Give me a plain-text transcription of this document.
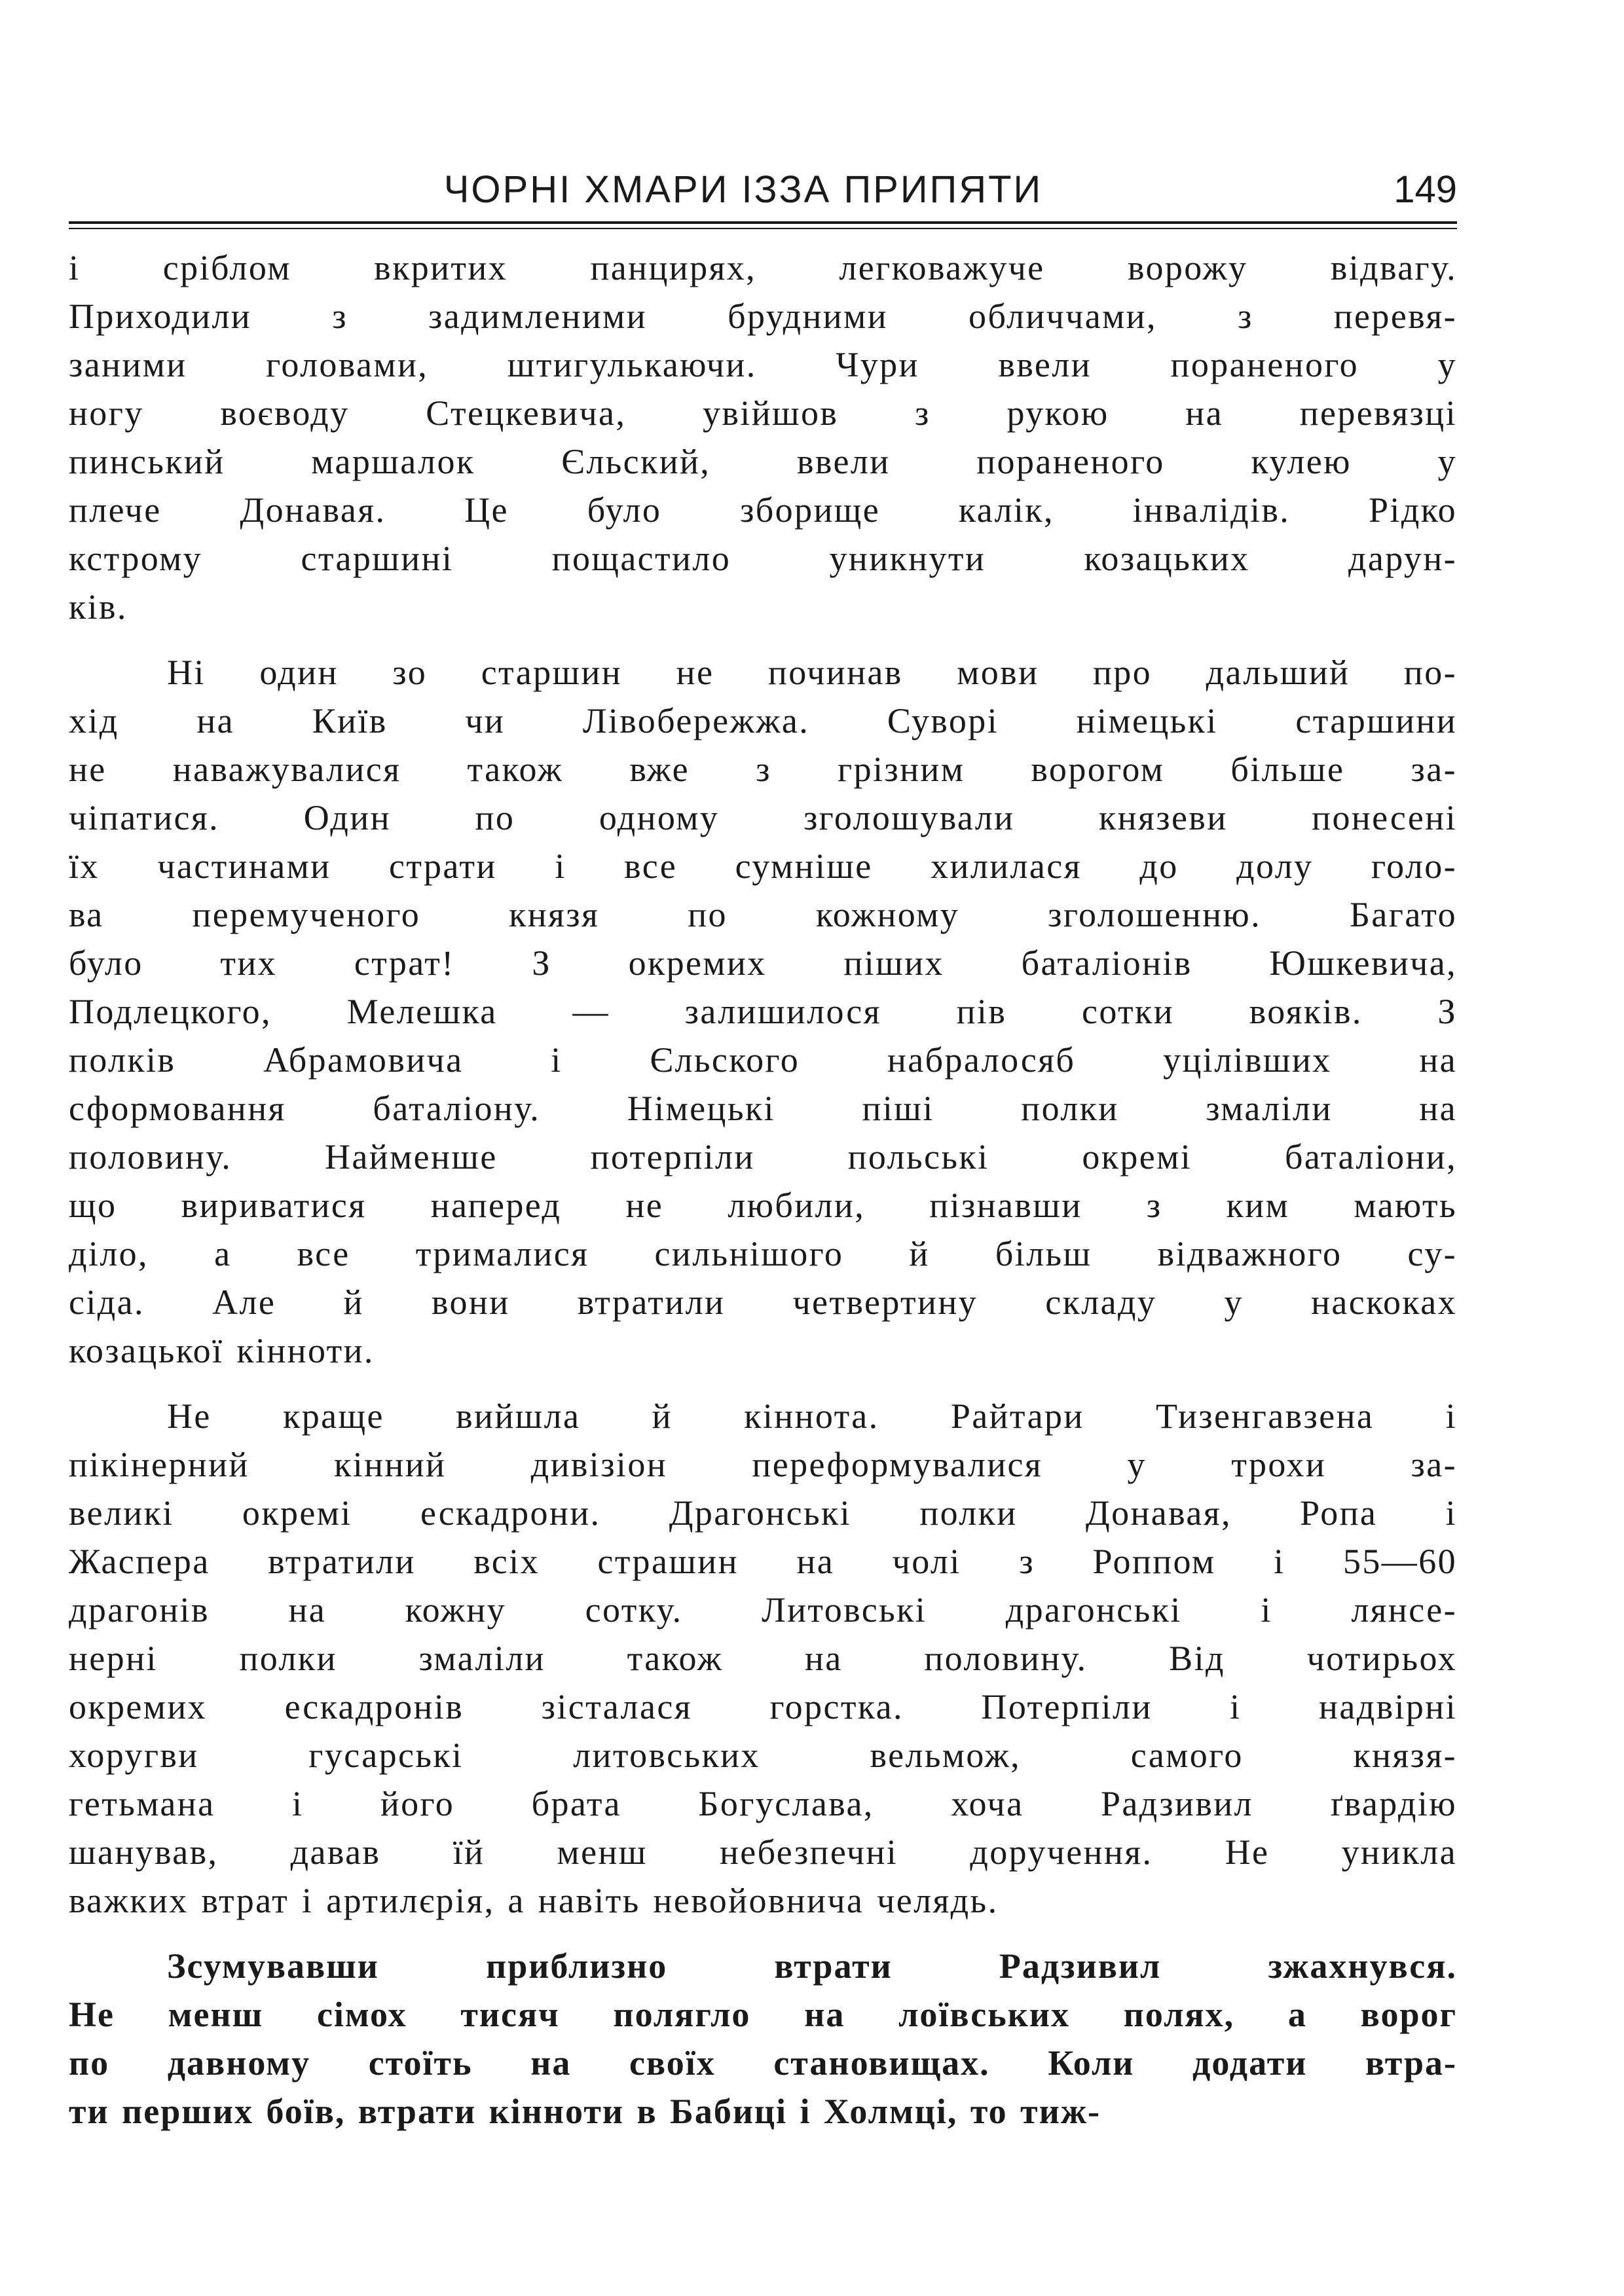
ЧОРНІ ХМАРИ ІЗЗА ПРИПЯТИ	149

і сріблом вкритих панцирях, легковажуче ворожу відвагу.
Приходили з задимленими брудними обличчами, з перевя-
заними головами, штигулькаючи. Чури ввели пораненого у
ногу воєводу Стецкевича, увійшов з рукою на перевязці
пинський маршалок Єльский, ввели пораненого кулею у
плече Донавая. Це було зборище калік, інвалідів. Рідко
кстрому старшині пощастило уникнути козацьких дарун-
ків.

Ні один зо старшин не починав мови про дальший по-
хід на Київ чи Лівобережжа. Суворі німецькі старшини
не наважувалися також вже з грізним ворогом більше за-
чіпатися. Один по одному зголошували князеви понесені
їх частинами страти і все сумніше хилилася до долу голо-
ва перемученого князя по кожному зголошенню. Багато
було тих страт! З окремих піших баталіонів Юшкевича,
Подлецкого, Мелешка — залишилося пів сотки вояків. З
полків Абрамовича і Єльского набралосяб уцілівших на
сформовання баталіону. Німецькі піші полки змаліли на
половину. Найменше потерпіли польські окремі баталіони,
що вириватися наперед не любили, пізнавши з ким мають
діло, а все трималися сильнішого й більш відважного су-
сіда. Але й вони втратили четвертину складу у наскоках
козацької кінноти.

Не краще вийшла й кіннота. Райтари Тизенгавзена і
пікінерний кінний дивізіон переформувалися у трохи за-
великі окремі ескадрони. Драгонські полки Донавая, Ропа і
Жаспера втратили всіх страшин на чолі з Роппом і 55—60
драгонів на кожну сотку. Литовські драгонські і лянсе-
нерні полки змаліли також на половину. Від чотирьох
окремих ескадронів зісталася горстка. Потерпіли і надвірні
хоругви гусарські литовських вельмож, самого князя-
гетьмана і його брата Богуслава, хоча Радзивил ґвардію
шанував, давав їй менш небезпечні доручення. Не уникла
важких втрат і артилєрія, а навіть невойовнича челядь.

Зсумувавши приблизно втрати Радзивил зжахнувся.
Не менш сімох тисяч полягло на лоївських полях, а ворог
по давному стоїть на своїх становищах. Коли додати втра-
ти перших боїв, втрати кінноти в Бабиці і Холмці, то тиж-
